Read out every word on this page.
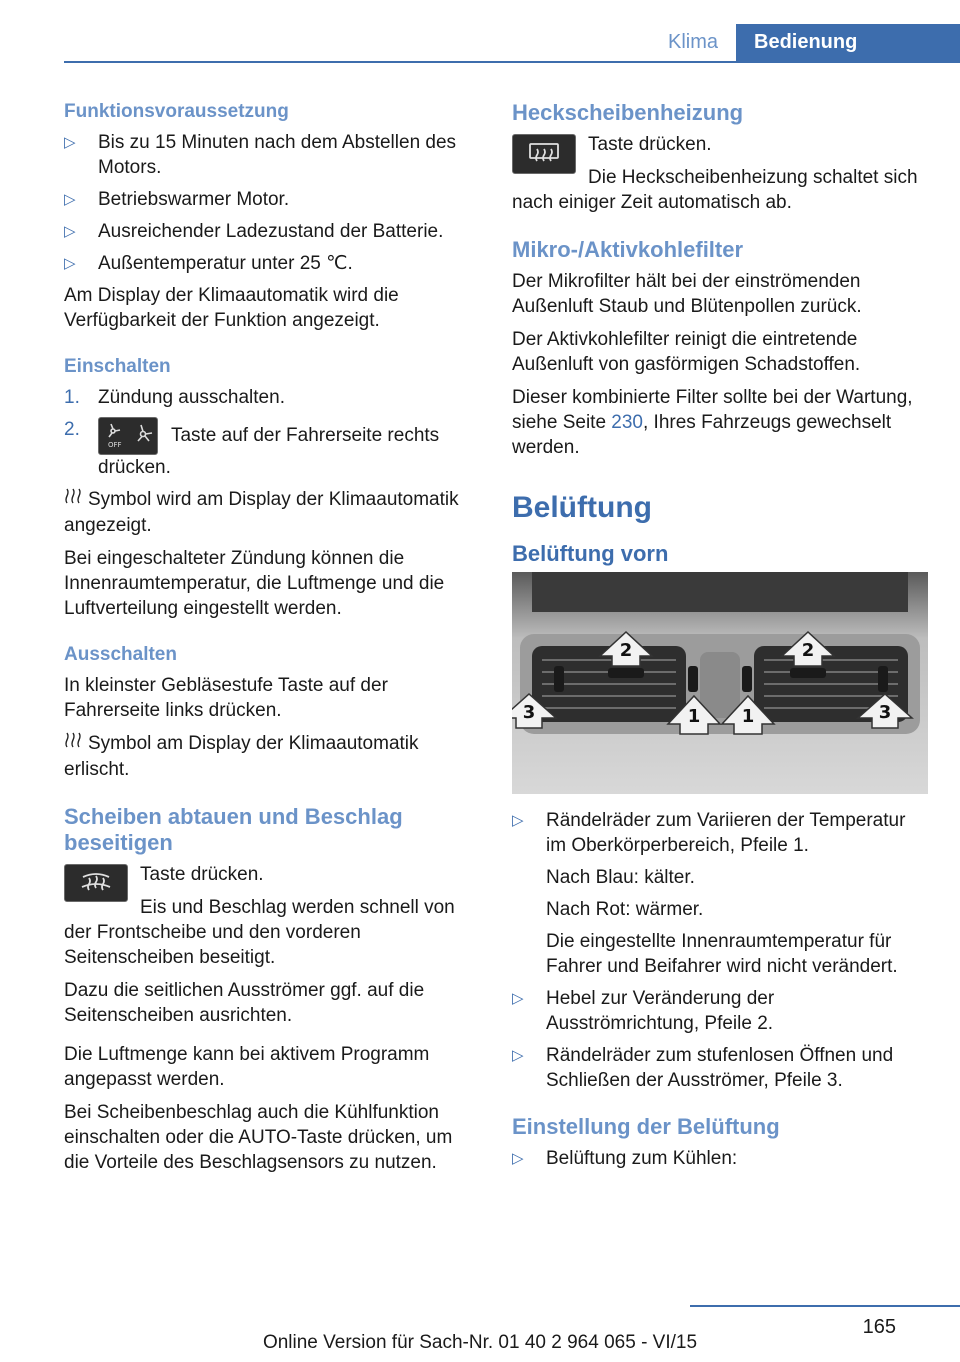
Klima	Bedienung
Funktionsvoraussetzung
▷ Bis zu 15 Minuten nach dem Abstellen des Motors.
▷ Betriebswarmer Motor.
▷ Ausreichender Ladezustand der Batterie.
▷ Außentemperatur unter 25 ℃.

Am Display der Klimaautomatik wird die Verfügbarkeit der Funktion angezeigt.

Einschalten
1. Zündung ausschalten.
2.
OFF	Taste auf der Fahrerseite rechts drücken.

Symbol wird am Display der Klimaautomatik angezeigt.

Bei eingeschalteter Zündung können die Innenraumtemperatur, die Luftmenge und die Luftverteilung eingestellt werden.

Ausschalten

In kleinster Gebläsestufe Taste auf der Fahrerseite links drücken.

Symbol am Display der Klimaautomatik erlischt.

Scheiben abtauen und Beschlag beseitigen

Taste drücken.

Eis und Beschlag werden schnell von der Frontscheibe und den vorderen Seitenscheiben beseitigt.

Dazu die seitlichen Ausströmer ggf. auf die Seitenscheiben ausrichten.

Die Luftmenge kann bei aktivem Programm angepasst werden.

Bei Scheibenbeschlag auch die Kühlfunktion einschalten oder die AUTO-Taste drücken, um die Vorteile des Beschlagsensors zu nutzen.

Heckscheibenheizung

Taste drücken.

Die Heckscheibenheizung schaltet sich nach einiger Zeit automatisch ab.

Mikro-/Aktivkohlefilter

Der Mikrofilter hält bei der einströmenden Außenluft Staub und Blütenpollen zurück.

Der Aktivkohlefilter reinigt die eintretende Außenluft von gasförmigen Schadstoffen.

Dieser kombinierte Filter sollte bei der Wartung, siehe Seite 230, Ihres Fahrzeugs gewechselt werden.

Belüftung
Belüftung vorn
2	2
3	1 1	3

▷ Rändelräder zum Variieren der Temperatur im Oberkörperbereich, Pfeile 1.

Nach Blau: kälter.

Nach Rot: wärmer.

Die eingestellte Innenraumtemperatur für Fahrer und Beifahrer wird nicht verändert.

▷ Hebel zur Veränderung der Ausströmrichtung, Pfeile 2.
▷ Rändelräder zum stufenlosen Öffnen und Schließen der Ausströmer, Pfeile 3.
Einstellung der Belüftung
▷ Belüftung zum Kühlen:
165
Online Version für Sach-Nr. 01 40 2 964 065 - VI/15
